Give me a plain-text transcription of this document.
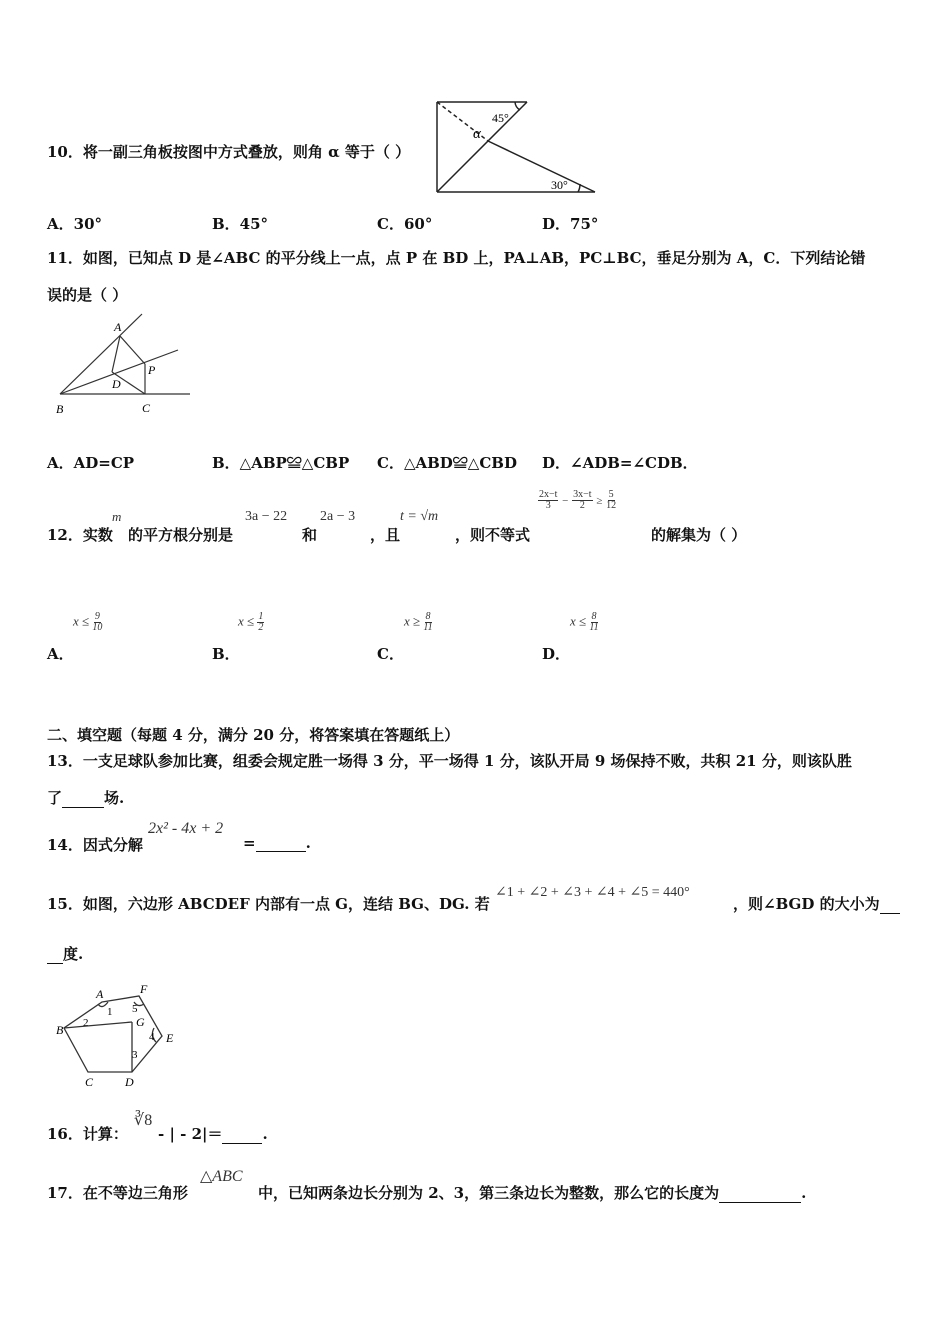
10．将一副三角板按图中方式叠放，则角 α 等于（ ）
45°
α
30°
A．30°	B．45°	C．60°	D．75°
11．如图，已知点 D 是∠ABC 的平分线上一点，点 P 在 BD 上，PA⊥AB，PC⊥BC，垂足分别为 A，C．下列结论错
误的是（ ）
A
B	C
D
P
A．AD=CP	B．△ABP≌△CBP C．△ABD≌△CBD D．∠ADB=∠CDB．
12．实数
m
的平方根分别是
3a − 22
和
2a − 3
，且
t = √m
，则不等式
$\frac{2x-t}{3} - \frac{3x-t}{2} \ge \frac{5}{12}$
的解集为（ ）
$x \le \frac{9}{10}$
A．
$x \le \frac{1}{2}$
B．
$x \ge \frac{8}{11}$
C．
$x \le \frac{8}{11}$
D．
二、填空题（每题 4 分，满分 20 分，将答案填在答题纸上）
13．一支足球队参加比赛，组委会规定胜一场得 3 分，平一场得 1 分，该队开局 9 场保持不败，共积 21 分，则该队胜
了	场.
14．因式分解
2x² - 4x + 2
=	.
15．如图，六边形 ABCDEF 内部有一点 G，连结 BG、DG. 若
∠1 + ∠2 + ∠3 + ∠4 + ∠5 = 440°
，则∠BGD 的大小为
度.
A	F
B
G
E
C	D
1
2
3
4
5
16．计算：
∛8
- | - 2|＝	.
17．在不等边三角形
△ABC
中，已知两条边长分别为 2、3，第三条边长为整数，那么它的长度为	.
